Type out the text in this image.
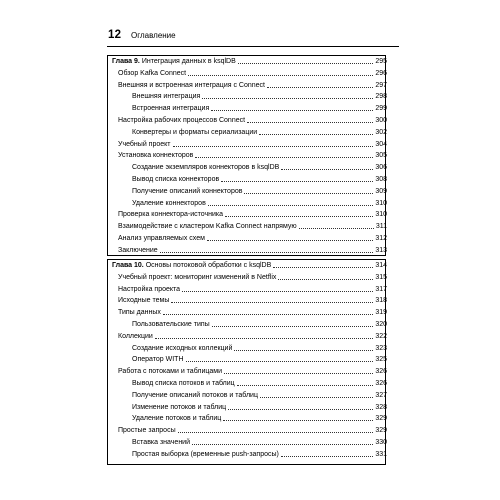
12 Оглавление
Глава 9. Интеграция данных в ksqlDB	295
Обзор Kafka Connect	296
Внешняя и встроенная интеграция с Connect	297
Внешняя интеграция	298
Встроенная интеграция	299
Настройка рабочих процессов Connect	300
Конвертеры и форматы сериализации	302
Учебный проект	304
Установка коннекторов	305
Создание экземпляров коннекторов в ksqlDB	306
Вывод списка коннекторов	308
Получение описаний коннекторов	309
Удаление коннекторов	310
Проверка коннектора-источника	310
Взаимодействие с кластером Kafka Connect напрямую	311
Анализ управляемых схем	312
Заключение	313
Глава 10. Основы потоковой обработки с ksqlDB	314
Учебный проект: мониторинг изменений в Netflix	315
Настройка проекта	317
Исходные темы	318
Типы данных	319
Пользовательские типы	320
Коллекции	322
Создание исходных коллекций	323
Оператор WITH	325
Работа с потоками и таблицами	326
Вывод списка потоков и таблиц	326
Получение описаний потоков и таблиц	327
Изменение потоков и таблиц	328
Удаление потоков и таблиц	329
Простые запросы	329
Вставка значений	330
Простая выборка (временные push-запросы)	331
